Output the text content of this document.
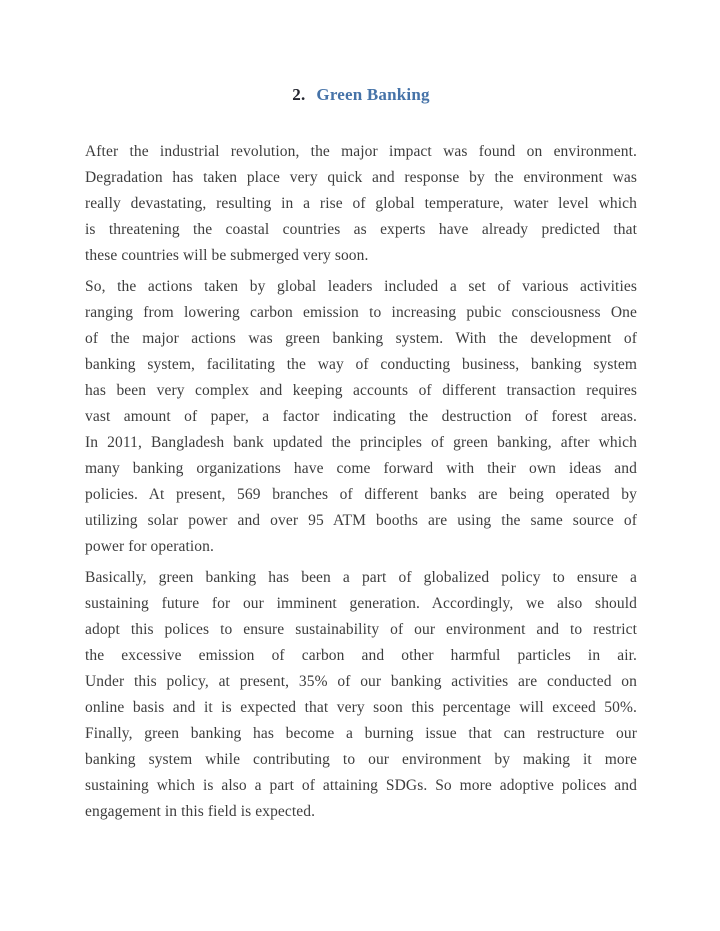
2. Green Banking
After the industrial revolution, the major impact was found on environment.
Degradation has taken place very quick and response by the environment was
really devastating, resulting in a rise of global temperature, water level which
is threatening the coastal countries as experts have already predicted that
these countries will be submerged very soon.
So, the actions taken by global leaders included a set of various activities
ranging from lowering carbon emission to increasing pubic consciousness One
of the major actions was green banking system. With the development of
banking system, facilitating the way of conducting business, banking system
has been very complex and keeping accounts of different transaction requires
vast amount of paper, a factor indicating the destruction of forest areas.
In 2011, Bangladesh bank updated the principles of green banking, after which
many banking organizations have come forward with their own ideas and
policies. At present, 569 branches of different banks are being operated by
utilizing solar power and over 95 ATM booths are using the same source of
power for operation.
Basically, green banking has been a part of globalized policy to ensure a
sustaining future for our imminent generation. Accordingly, we also should
adopt this polices to ensure sustainability of our environment and to restrict
the excessive emission of carbon and other harmful particles in air.
Under this policy, at present, 35% of our banking activities are conducted on
online basis and it is expected that very soon this percentage will exceed 50%.
Finally, green banking has become a burning issue that can restructure our
banking system while contributing to our environment by making it more
sustaining which is also a part of attaining SDGs. So more adoptive polices and
engagement in this field is expected.
